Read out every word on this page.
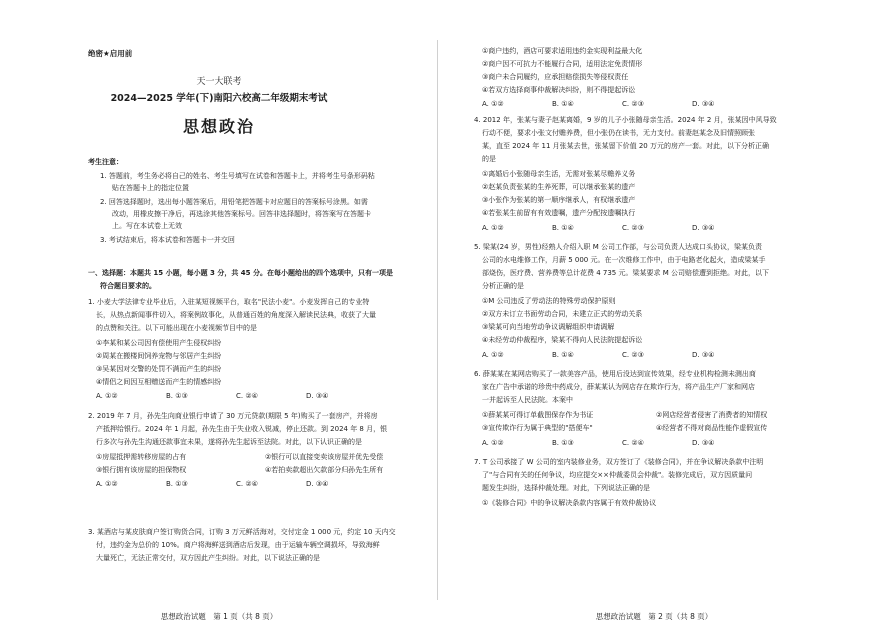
绝密★启用前
天一大联考
2024—2025 学年(下)南阳六校高二年级期末考试
思想政治
考生注意：
1. 答题前，考生务必将自己的姓名、考生号填写在试卷和答题卡上，并将考生号条形码粘
贴在答题卡上的指定位置
2. 回答选择题时，选出每小题答案后，用铅笔把答题卡对应题目的答案标号涂黑。如需
改动，用橡皮擦干净后，再选涂其他答案标号。回答非选择题时，将答案写在答题卡
上。写在本试卷上无效
3. 考试结束后，将本试卷和答题卡一并交回
一、选择题：本题共 15 小题，每小题 3 分，共 45 分。在每小题给出的四个选项中，只有一项是
符合题目要求的。
1. 小麦大学法律专业毕业后，入驻某短视频平台，取名"民法小麦"。小麦发挥自己的专业特
长，从热点新闻事件切入，将案例故事化，从普通百姓的角度深入解读民法典，收获了大量
的点赞和关注。以下可能出现在小麦视频节目中的是
①李某和某公司因有偿使用产生侵权纠纷
②周某在搬楼间饲养宠物与邻居产生纠纷
③吴某因对交警的处罚不满而产生的纠纷
④情侣之间因互相赠送而产生的情感纠纷
A. ①②	B. ①③	C. ②④	D. ③④
2. 2019 年 7 月，孙先生向商业银行申请了 30 万元贷款(期限 5 年)购买了一套房产，并将房
产抵押给银行。2024 年 1 月起，孙先生由于失业收入锐减，停止还款。到 2024 年 8 月，银
行多次与孙先生沟通还款事宜未果，遂将孙先生起诉至法院。对此，以下认识正确的是
①房屋抵押需转移房屋的占有	②银行可以直接变卖该房屋并优先受偿
③银行拥有该房屋的担保物权	④若拍卖款超出欠款部分归孙先生所有
A. ①②	B. ①③	C. ②④	D. ③④
3. 某酒店与某皮肤商户签订购货合同，订购 3 万元鲜活海对，交付定金 1 000 元，约定 10 天内交
付，违约金为总价的 10%。商户将海鲜送到酒店后发现，由于运输车辆空调损坏，导致海鲜
大量死亡，无法正常交付，双方因此产生纠纷。对此，以下说法正确的是
思想政治试题　第 1 页（共 8 页）
①商户违约，酒店可要求适用违约金实现利益最大化
②商户因不可抗力不能履行合同，适用法定免责情形
③商户未合同履约，应承担赔偿损失等侵权责任
④若双方选择商事仲裁解决纠纷，则不得提起诉讼
A. ①②	B. ①④	C. ②③	D. ③④
4. 2012 年，张某与妻子赵某离婚，9 岁的儿子小张随母亲生活。2024 年 2 月，张某因中风导致
行动不便，要求小张文付赡养费，但小张仍在读书，无力支付。前妻赵某念及旧情照顾张
某，直至 2024 年 11 月张某去世，张某留下价值 20 万元的房产一套。对此，以下分析正确
的是
①离婚后小张随母亲生活，无需对张某尽赡养义务
②赵某负责张某的生养死葬，可以继承张某的遗产
③小张作为张某的第一顺序继承人，有权继承遗产
④若张某生前留有有效遗嘱，遗产分配按遗嘱执行
A. ①②	B. ①④	C. ②③	D. ③④
5. 梁某(24 岁，男性)经熟人介绍入职 M 公司工作部，与公司负责人达成口头协议，梁某负责
公司的水电维修工作，月薪 5 000 元。在一次维修工作中，由于电路老化起火，造成梁某手
部烧伤，医疗费、营养费等总计花费 4 735 元。梁某要求 M 公司赔偿遭到拒绝。对此，以下
分析正确的是
①M 公司违反了劳动法的特殊劳动保护原则
②双方未订立书面劳动合同，未建立正式的劳动关系
③梁某可向当地劳动争议调解组织申请调解
④未经劳动仲裁程序，梁某不得向人民法院提起诉讼
A. ①②	B. ①④	C. ②③	D. ③④
6. 薛某某在某网店购买了一款美容产品，使用后没达到宣传效果，经专业机构检测未测出商
家在广告中承诺的珍贵中药成分，薛某某认为网店存在欺诈行为，将产品生产厂家和网店
一并起诉至人民法院。本案中
①薛某某可得订单截图保存作为书证	②网店经营者侵害了消费者的知情权
③宣传欺诈行为属于典型的"搭便车"	④经营者不得对商品性能作虚假宣传
A. ①②	B. ①③	C. ②④	D. ③④
7. T 公司承接了 W 公司的室内装修业务，双方签订了《装修合同》，并在争议解决条款中注明
了"与合同有关的任何争议，均应提交××仲裁委员会仲裁"。装修完成后，双方因质量问
题发生纠纷，选择仲裁处理。对此，下列说法正确的是
①《装修合同》中的争议解决条款内容属于有效仲裁协议
思想政治试题　第 2 页（共 8 页）
